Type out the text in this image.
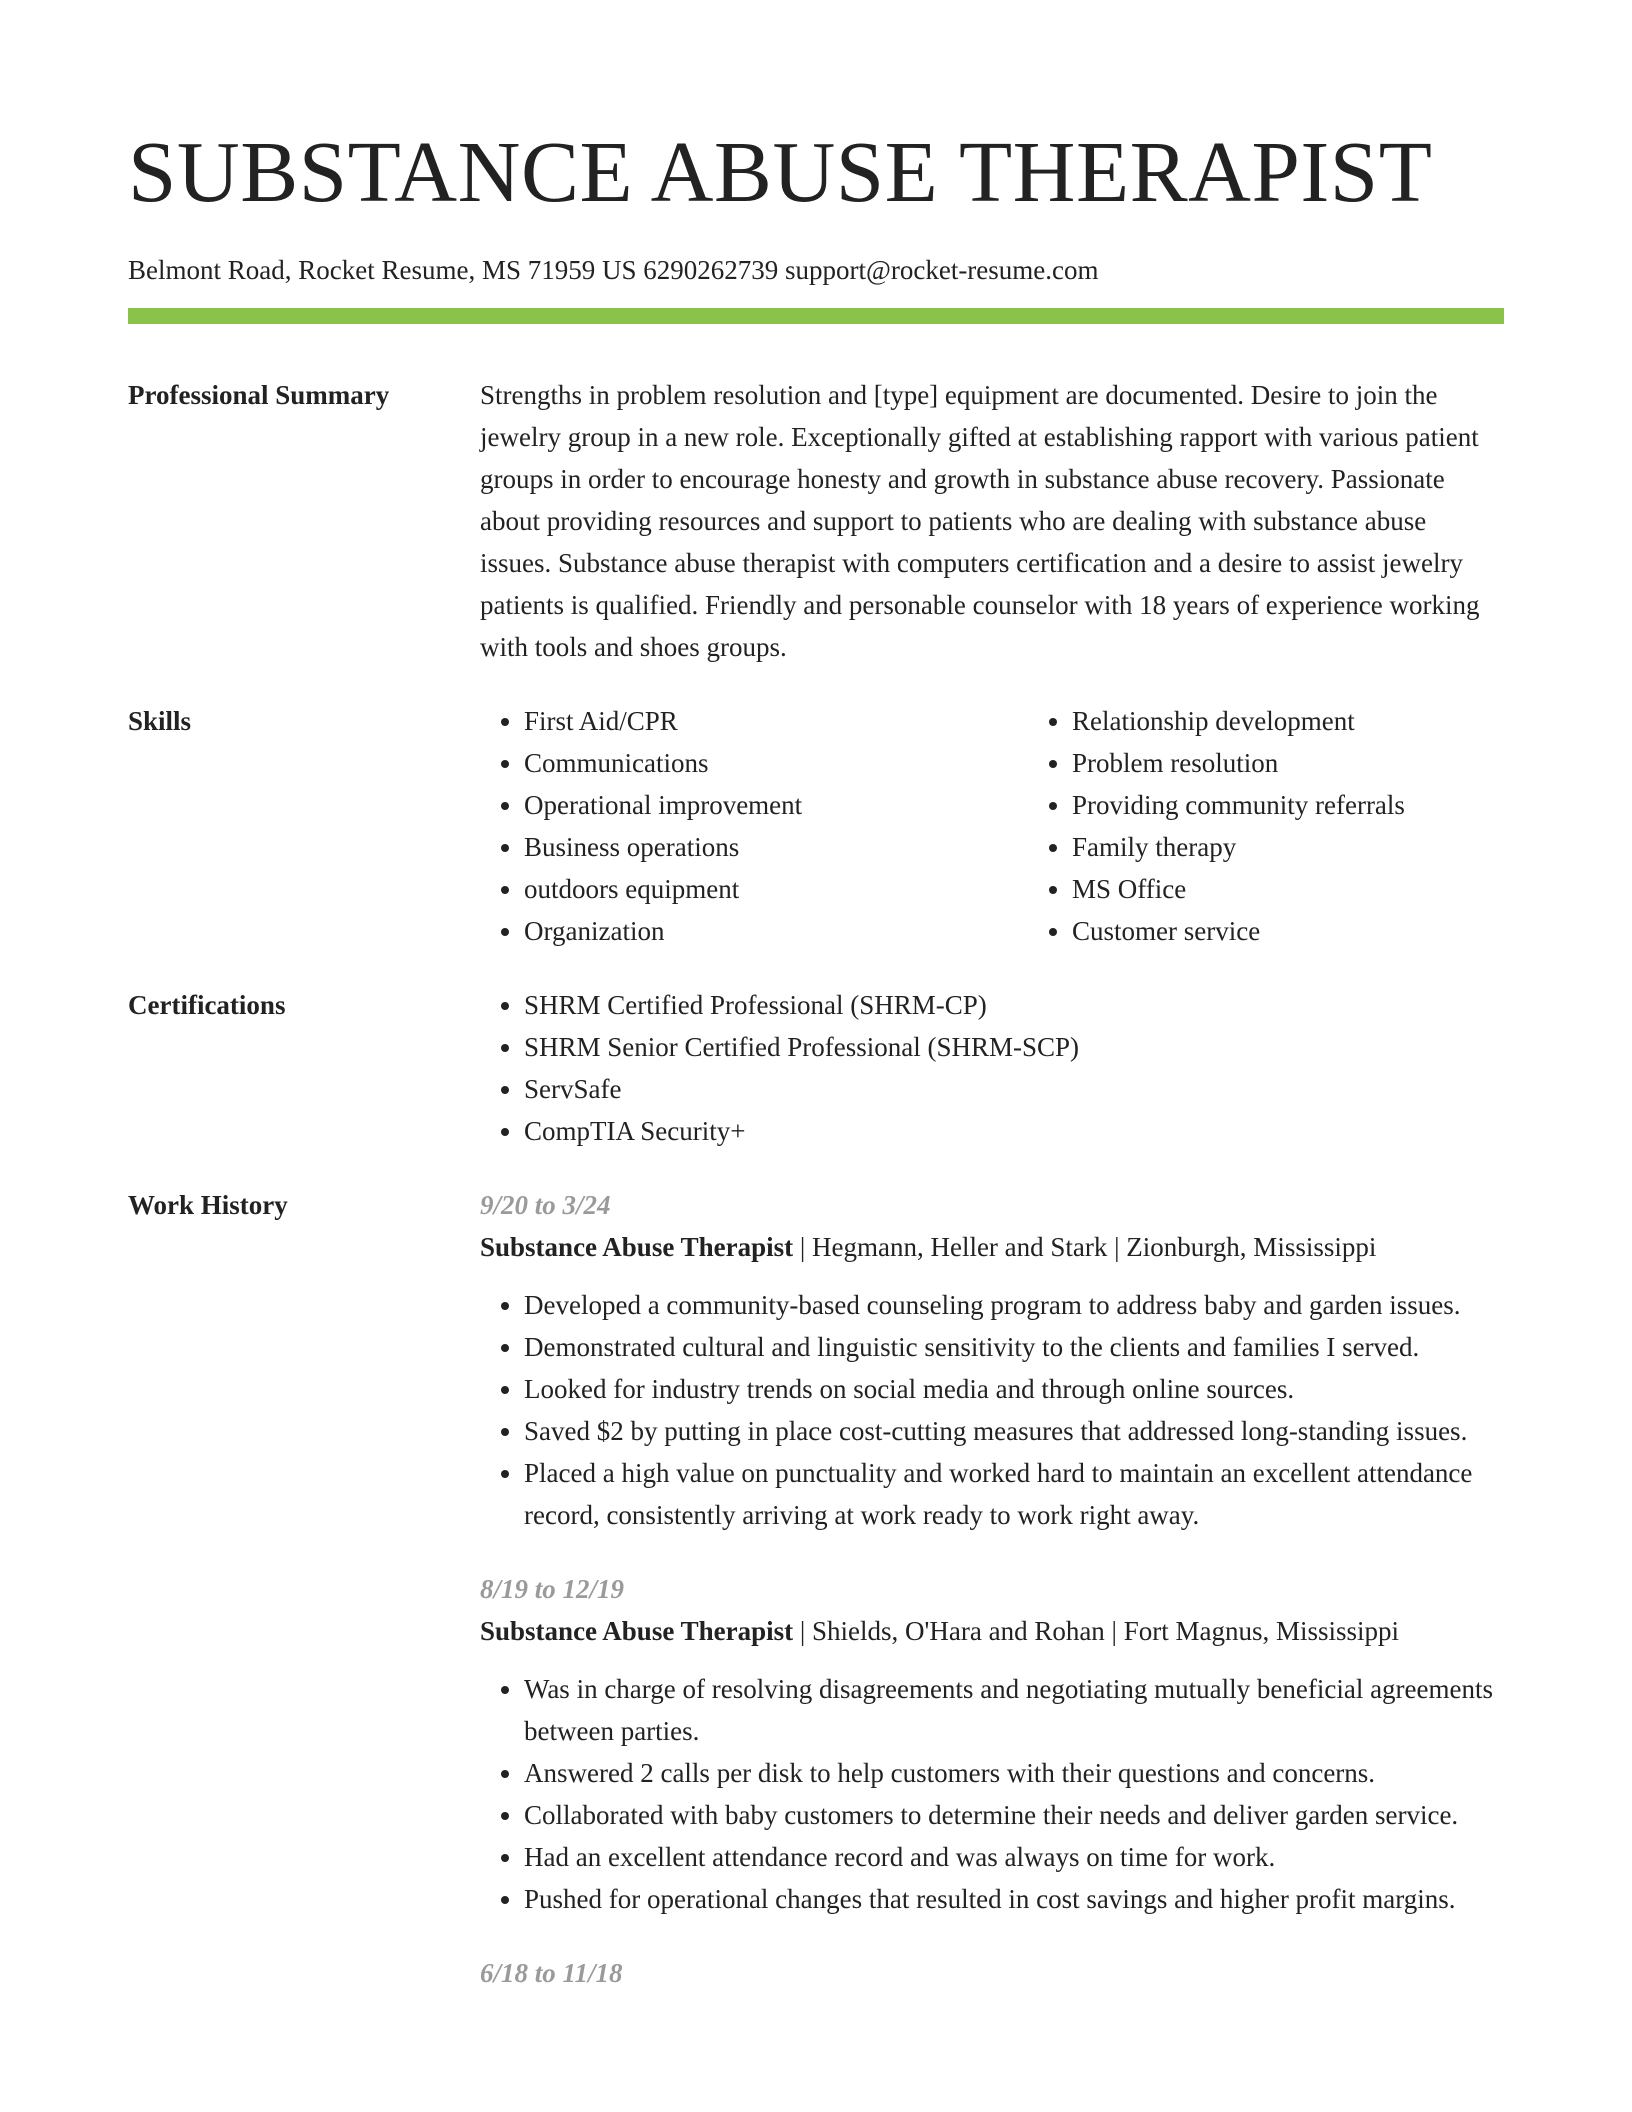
SUBSTANCE ABUSE THERAPIST
Belmont Road, Rocket Resume, MS 71959 US 6290262739 support@rocket-resume.com
Professional Summary	Strengths in problem resolution and [type] equipment are documented. Desire to join the jewelry group in a new role. Exceptionally gifted at establishing rapport with various patient groups in order to encourage honesty and growth in substance abuse recovery. Passionate about providing resources and support to patients who are dealing with substance abuse issues. Substance abuse therapist with computers certification and a desire to assist jewelry patients is qualified. Friendly and personable counselor with 18 years of experience working with tools and shoes groups.

Skills	• First Aid/CPR
• Communications
• Operational improvement
• Business operations
• outdoors equipment
• Organization
• Relationship development
• Problem resolution
• Providing community referrals
• Family therapy
• MS Office
• Customer service
Certifications	• SHRM Certified Professional (SHRM-CP)
• SHRM Senior Certified Professional (SHRM-SCP)
• ServSafe
• CompTIA Security+
Work History	9/20 to 3/24
Substance Abuse Therapist | Hegmann, Heller and Stark | Zionburgh, Mississippi
• Developed a community-based counseling program to address baby and garden issues.
• Demonstrated cultural and linguistic sensitivity to the clients and families I served.
• Looked for industry trends on social media and through online sources.
• Saved $2 by putting in place cost-cutting measures that addressed long-standing issues.
• Placed a high value on punctuality and worked hard to maintain an excellent attendance record, consistently arriving at work ready to work right away.
8/19 to 12/19
Substance Abuse Therapist | Shields, O'Hara and Rohan | Fort Magnus, Mississippi
• Was in charge of resolving disagreements and negotiating mutually beneficial agreements between parties.
• Answered 2 calls per disk to help customers with their questions and concerns.
• Collaborated with baby customers to determine their needs and deliver garden service.
• Had an excellent attendance record and was always on time for work.
• Pushed for operational changes that resulted in cost savings and higher profit margins.
6/18 to 11/18
